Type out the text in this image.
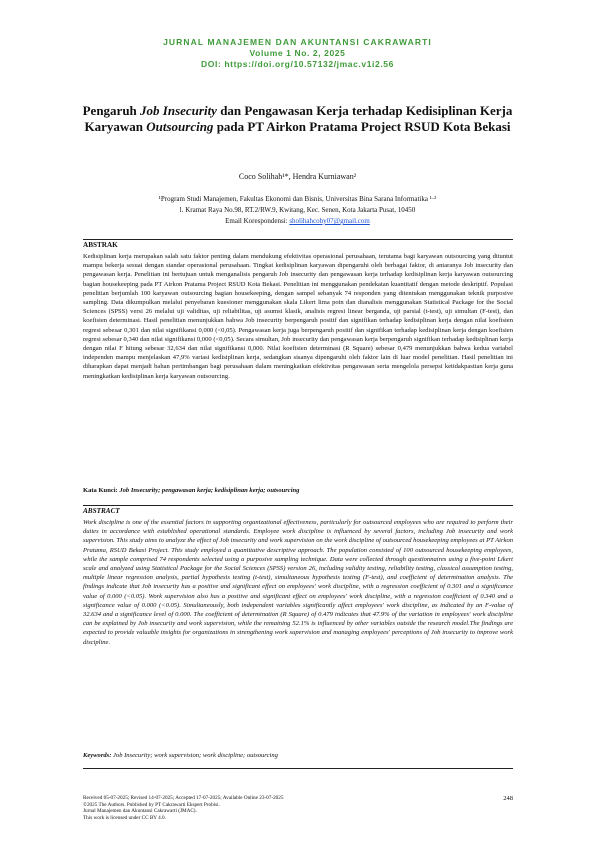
JURNAL MANAJEMEN DAN AKUNTANSI CAKRAWARTI
Volume 1 No. 2, 2025
DOI: https://doi.org/10.57132/jmac.v1i2.56
Pengaruh Job Insecurity dan Pengawasan Kerja terhadap Kedisiplinan Kerja Karyawan Outsourcing pada PT Airkon Pratama Project RSUD Kota Bekasi
Coco Solihah¹*, Hendra Kurniawan²
¹Program Studi Manajemen, Fakultas Ekonomi dan Bisnis, Universitas Bina Sarana Informatika ¹·²
l. Kramat Raya No.98, RT.2/RW.9, Kwitang, Kec. Senen, Kota Jakarta Pusat, 10450
Email Korespondensi: sholihahcoby07@gmail.com
ABSTRAK
Kedisiplinan kerja merupakan salah satu faktor penting dalam mendukung efektivitas operasional perusahaan, terutama bagi karyawan outsourcing yang dituntut mampu bekerja sesuai dengan standar operasional perusahaan. Tingkat kedisiplinan karyawan dipengaruhi oleh berbagai faktor, di antaranya Job insecurity dan pengawasan kerja. Penelitian ini bertujuan untuk menganalisis pengaruh Job insecurity dan pengawasan kerja terhadap kedisiplinan kerja karyawan outsourcing bagian housekeeping pada PT Airkon Pratama Project RSUD Kota Bekasi. Penelitian ini menggunakan pendekatan kuantitatif dengan metode deskriptif. Populasi penelitian berjumlah 100 karyawan outsourcing bagian housekeeping, dengan sampel sebanyak 74 responden yang ditentukan menggunakan teknik purposive sampling. Data dikumpulkan melalui penyebaran kuesioner menggunakan skala Likert lima poin dan dianalisis menggunakan Statistical Package for the Social Sciences (SPSS) versi 26 melalui uji validitas, uji reliabilitas, uji asumsi klasik, analisis regresi linear berganda, uji parsial (t-test), uji simultan (F-test), dan koefisien determinasi. Hasil penelitian menunjukkan bahwa Job insecurity berpengaruh positif dan signifikan terhadap kedisiplinan kerja dengan nilai koefisien regresi sebesar 0,301 dan nilai signifikansi 0,000 (<0,05). Pengawasan kerja juga berpengaruh positif dan signifikan terhadap kedisiplinan kerja dengan koefisien regresi sebesar 0,340 dan nilai signifikansi 0,000 (<0,05). Secara simultan, Job insecurity dan pengawasan kerja berpengaruh signifikan terhadap kedisiplinan kerja dengan nilai F hitung sebesar 32,634 dan nilai signifikansi 0,000. Nilai koefisien determinasi (R Square) sebesar 0,479 menunjukkan bahwa kedua variabel independen mampu menjelaskan 47,9% variasi kedisiplinan kerja, sedangkan sisanya dipengaruhi oleh faktor lain di luar model penelitian. Hasil penelitian ini diharapkan dapat menjadi bahan pertimbangan bagi perusahaan dalam meningkatkan efektivitas pengawasan serta mengelola persepsi ketidakpastian kerja guna meningkatkan kedisiplinan kerja karyawan outsourcing.
Kata Kunci: Job Insecurity; pengawasan kerja; kedisiplinan kerja; outsourcing
ABSTRACT
Work discipline is one of the essential factors in supporting organizational effectiveness, particularly for outsourced employees who are required to perform their duties in accordance with established operational standards. Employee work discipline is influenced by several factors, including Job insecurity and work supervision. This study aims to analyze the effect of Job insecurity and work supervision on the work discipline of outsourced housekeeping employees at PT Airkon Pratama, RSUD Bekasi Project. This study employed a quantitative descriptive approach. The population consisted of 100 outsourced housekeeping employees, while the sample comprised 74 respondents selected using a purposive sampling technique. Data were collected through questionnaires using a five-point Likert scale and analyzed using Statistical Package for the Social Sciences (SPSS) version 26, including validity testing, reliability testing, classical assumption testing, multiple linear regression analysis, partial hypothesis testing (t-test), simultaneous hypothesis testing (F-test), and coefficient of determination analysis. The findings indicate that Job insecurity has a positive and significant effect on employees' work discipline, with a regression coefficient of 0.301 and a significance value of 0.000 (<0.05). Work supervision also has a positive and significant effect on employees' work discipline, with a regression coefficient of 0.340 and a significance value of 0.000 (<0.05). Simultaneously, both independent variables significantly affect employees' work discipline, as indicated by an F-value of 32.634 and a significance level of 0.000. The coefficient of determination (R Square) of 0.479 indicates that 47.9% of the variation in employees' work discipline can be explained by Job insecurity and work supervision, while the remaining 52.1% is influenced by other variables outside the research model.The findings are expected to provide valuable insights for organizations in strengthening work supervision and managing employees' perceptions of Job insecurity to improve work discipline.
Keywords: Job Insecurity; work supervision; work discipline; outsourcing
Received 05-07-2025; Revised 14-07-2025; Accepted 17-07-2025; Available Online 23-07-2025
©2025 The Authors. Published by PT Cakrawarti Ekspert Probisi.
Jurnal Manajemen dan Akuntansi Cakrawarti (JMAC).
This work is licensed under CC BY 4.0.
248
